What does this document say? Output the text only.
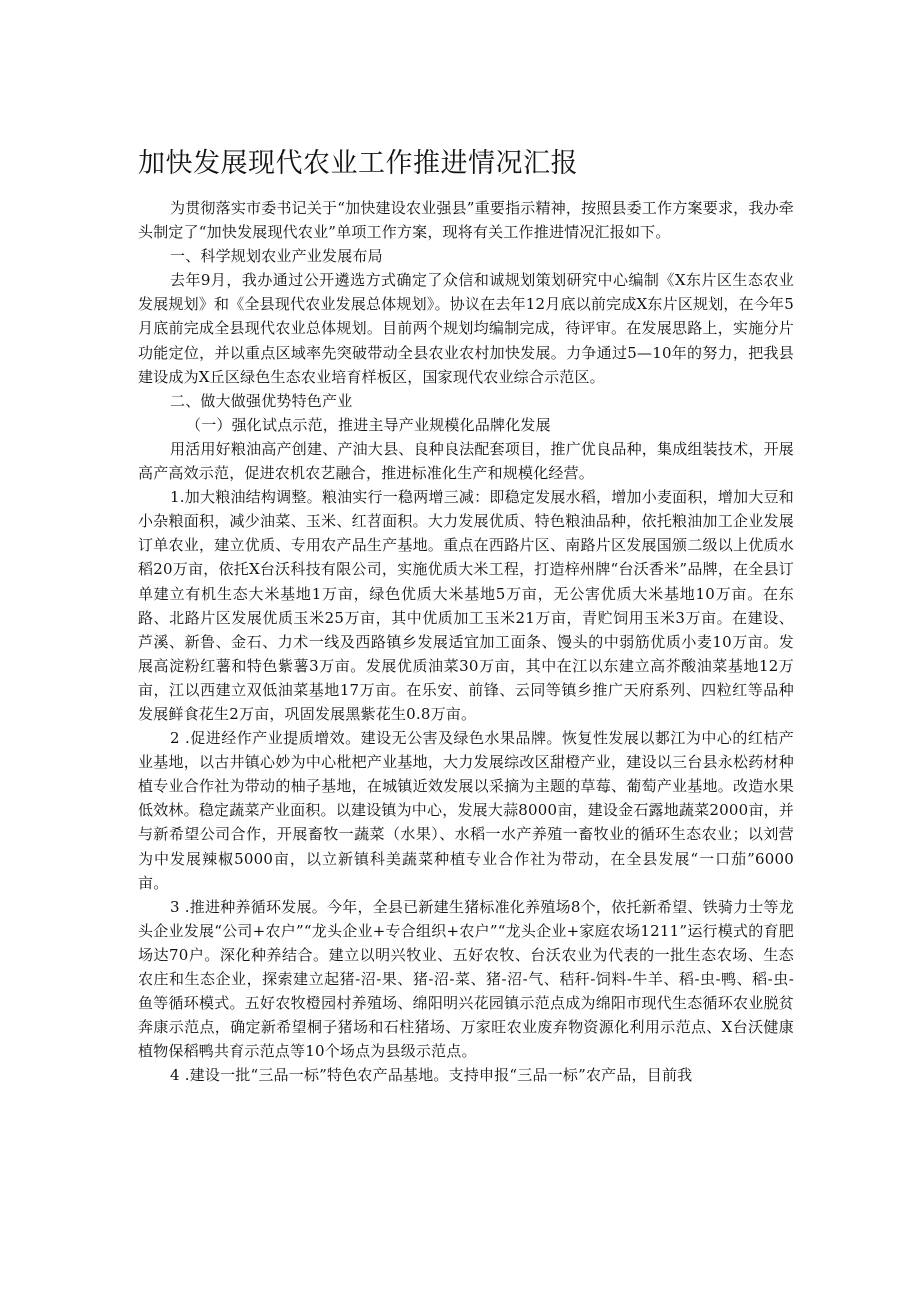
加快发展现代农业工作推进情况汇报

为贯彻落实市委书记关于“加快建设农业强县”重要指示精神，按照县委工作方案要求，我办牵头制定了“加快发展现代农业”单项工作方案，现将有关工作推进情况汇报如下。

一、科学规划农业产业发展布局

去年9月，我办通过公开遴选方式确定了众信和诚规划策划研究中心编制《X东片区生态农业发展规划》和《全县现代农业发展总体规划》。协议在去年12月底以前完成X东片区规划，在今年5月底前完成全县现代农业总体规划。目前两个规划均编制完成，待评审。在发展思路上，实施分片功能定位，并以重点区域率先突破带动全县农业农村加快发展。力争通过5—10年的努力，把我县建设成为X丘区绿色生态农业培育样板区，国家现代农业综合示范区。

二、做大做强优势特色产业

（一）强化试点示范，推进主导产业规模化品牌化发展

用活用好粮油高产创建、产油大县、良种良法配套项目，推广优良品种，集成组装技术，开展高产高效示范，促进农机农艺融合，推进标准化生产和规模化经营。

1.加大粮油结构调整。粮油实行一稳两增三减：即稳定发展水稻，增加小麦面积，增加大豆和小杂粮面积，减少油菜、玉米、红苕面积。大力发展优质、特色粮油品种，依托粮油加工企业发展订单农业，建立优质、专用农产品生产基地。重点在西路片区、南路片区发展国颁二级以上优质水稻20万亩，依托X台沃科技有限公司，实施优质大米工程，打造梓州牌“台沃香米”品牌，在全县订单建立有机生态大米基地1万亩，绿色优质大米基地5万亩，无公害优质大米基地10万亩。在东路、北路片区发展优质玉米25万亩，其中优质加工玉米21万亩，青贮饲用玉米3万亩。在建设、芦溪、新鲁、金石、力术一线及西路镇乡发展适宜加工面条、馒头的中弱筋优质小麦10万亩。发展高淀粉红薯和特色紫薯3万亩。发展优质油菜30万亩，其中在江以东建立高芥酸油菜基地12万亩，江以西建立双低油菜基地17万亩。在乐安、前锋、云同等镇乡推广天府系列、四粒红等品种发展鲜食花生2万亩，巩固发展黑紫花生0.8万亩。

2 .促进经作产业提质增效。建设无公害及绿色水果品牌。恢复性发展以郪江为中心的红桔产业基地，以古井镇心妙为中心枇杷产业基地，大力发展综改区甜橙产业，建设以三台县永松药材种植专业合作社为带动的柚子基地，在城镇近效发展以采摘为主题的草莓、葡萄产业基地。改造水果低效林。稳定蔬菜产业面积。以建设镇为中心，发展大蒜8000亩，建设金石露地蔬菜2000亩，并与新希望公司合作，开展畜牧一蔬菜（水果）、水稻一水产养殖一畜牧业的循环生态农业；以刘营为中发展辣椒5000亩，以立新镇科美蔬菜种植专业合作社为带动，在全县发展“一口茄”6000亩。

3 .推进种养循环发展。今年，全县已新建生猪标准化养殖场8个，依托新希望、铁骑力士等龙头企业发展“公司+农户”“龙头企业+专合组织+农户”“龙头企业+家庭农场1211”运行模式的育肥场达70户。深化种养结合。建立以明兴牧业、五好农牧、台沃农业为代表的一批生态农场、生态农庄和生态企业，探索建立起猪-沼-果、猪-沼-菜、猪-沼-气、秸秆-饲料-牛羊、稻-虫-鸭、稻-虫-鱼等循环模式。五好农牧橙园村养殖场、绵阳明兴花园镇示范点成为绵阳市现代生态循环农业脱贫奔康示范点，确定新希望桐子猪场和石柱猪场、万家旺农业废弃物资源化利用示范点、X台沃健康植物保稻鸭共育示范点等10个场点为县级示范点。

4 .建设一批“三品一标”特色农产品基地。支持申报“三品一标”农产品，目前我
